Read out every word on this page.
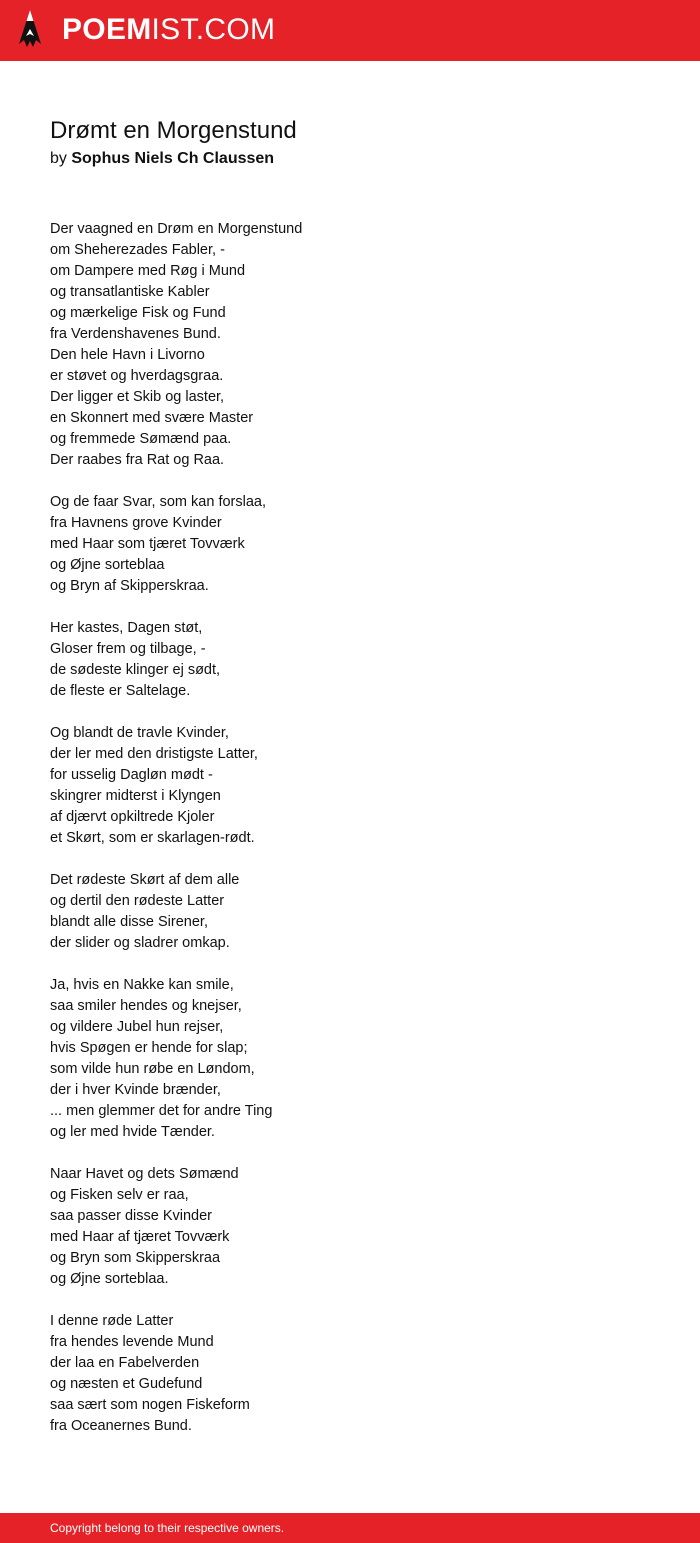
POEMIST.COM
Drømt en Morgenstund
by Sophus Niels Ch Claussen
Der vaagned en Drøm en Morgenstund
om Sheherezades Fabler, -
om Dampere med Røg i Mund
og transatlantiske Kabler
og mærkelige Fisk og Fund
fra Verdenshavenes Bund.
Den hele Havn i Livorno
er støvet og hverdagsgraa.
Der ligger et Skib og laster,
en Skonnert med svære Master
og fremmede Sømænd paa.
Der raabes fra Rat og Raa.
Og de faar Svar, som kan forslaa,
fra Havnens grove Kvinder
med Haar som tjæret Tovværk
og Øjne sorteblaa
og Bryn af Skipperskraa.
Her kastes, Dagen støt,
Gloser frem og tilbage, -
de sødeste klinger ej sødt,
de fleste er Saltelage.
Og blandt de travle Kvinder,
der ler med den dristigste Latter,
for usselig Dagløn mødt -
skingrer midterst i Klyngen
af djærvt opkiltrede Kjoler
et Skørt, som er skarlagen-rødt.
Det rødeste Skørt af dem alle
og dertil den rødeste Latter
blandt alle disse Sirener,
der slider og sladrer omkap.
Ja, hvis en Nakke kan smile,
saa smiler hendes og knejser,
og vildere Jubel hun rejser,
hvis Spøgen er hende for slap;
som vilde hun røbe en Løndom,
der i hver Kvinde brænder,
... men glemmer det for andre Ting
og ler med hvide Tænder.
Naar Havet og dets Sømænd
og Fisken selv er raa,
saa passer disse Kvinder
med Haar af tjæret Tovværk
og Bryn som Skipperskraa
og Øjne sorteblaa.
I denne røde Latter
fra hendes levende Mund
der laa en Fabelverden
og næsten et Gudefund
saa sært som nogen Fiskeform
fra Oceanernes Bund.
Copyright belong to their respective owners.
